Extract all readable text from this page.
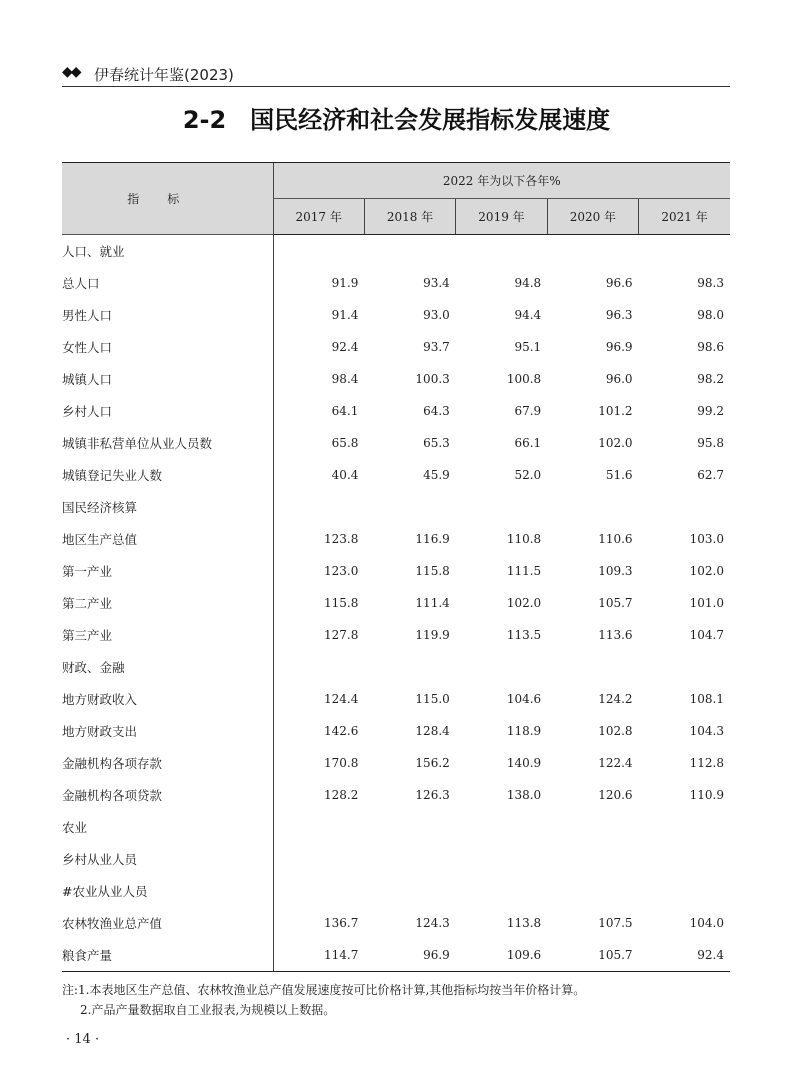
◆◆ 伊春统计年鉴(2023)
2-2 国民经济和社会发展指标发展速度
指标	2022 年为以下各年%				
	2017 年	2018 年	2019 年	2020 年	2021 年
人口、就业					
总人口	91.9	93.4	94.8	96.6	98.3
男性人口	91.4	93.0	94.4	96.3	98.0
女性人口	92.4	93.7	95.1	96.9	98.6
城镇人口	98.4	100.3	100.8	96.0	98.2
乡村人口	64.1	64.3	67.9	101.2	99.2
城镇非私营单位从业人员数	65.8	65.3	66.1	102.0	95.8
城镇登记失业人数	40.4	45.9	52.0	51.6	62.7
国民经济核算					
地区生产总值	123.8	116.9	110.8	110.6	103.0
第一产业	123.0	115.8	111.5	109.3	102.0
第二产业	115.8	111.4	102.0	105.7	101.0
第三产业	127.8	119.9	113.5	113.6	104.7
财政、金融					
地方财政收入	124.4	115.0	104.6	124.2	108.1
地方财政支出	142.6	128.4	118.9	102.8	104.3
金融机构各项存款	170.8	156.2	140.9	122.4	112.8
金融机构各项贷款	128.2	126.3	138.0	120.6	110.9
农业					
乡村从业人员					
#农业从业人员					
农林牧渔业总产值	136.7	124.3	113.8	107.5	104.0
粮食产量	114.7	96.9	109.6	105.7	92.4
注:1.本表地区生产总值、农林牧渔业总产值发展速度按可比价格计算,其他指标均按当年价格计算。
2.产品产量数据取自工业报表,为规模以上数据。
· 14 ·
